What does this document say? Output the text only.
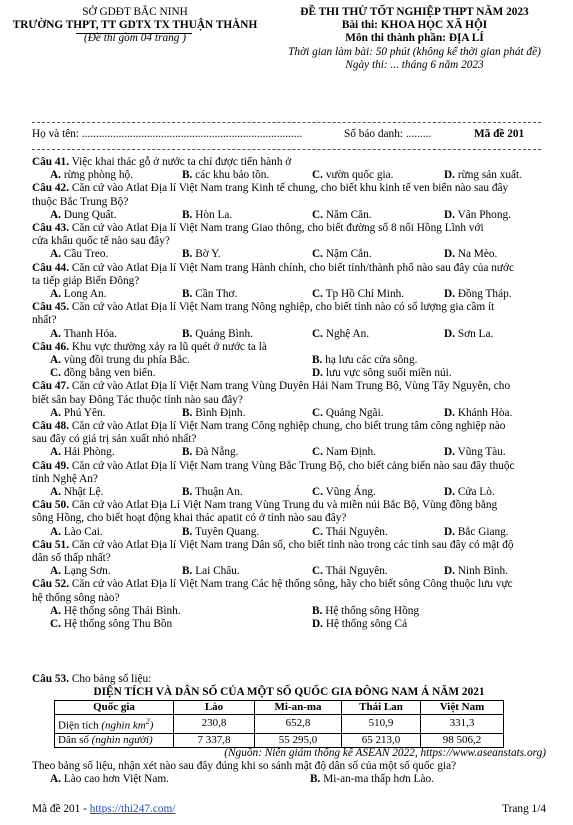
SỞ GDĐT BẮC NINH
TRƯỜNG THPT, TT GDTX TX THUẬN THÀNH
(Đề thi gồm 04 trang )
ĐỀ THI THỬ TỐT NGHIỆP THPT NĂM 2023
Bài thi: KHOA HỌC XÃ HỘI
Môn thi thành phần: ĐỊA LÍ
Thời gian làm bài: 50 phút (không kể thời gian phát đề)
Ngày thi: ... tháng 6 năm 2023
Họ và tên: ..............................................................................	Số báo danh: .........	Mã đề 201
Câu 41. Việc khai thác gỗ ở nước ta chỉ được tiến hành ở
A. rừng phòng hộ.	B. các khu bảo tồn.	C. vườn quốc gia.	D. rừng sản xuất.
Câu 42. Căn cứ vào Atlat Địa lí Việt Nam trang Kinh tế chung, cho biết khu kinh tế ven biển nào sau đây
thuộc Bắc Trung Bộ?
A. Dung Quất.	B. Hòn La.	C. Năm Căn.	D. Vân Phong.
Câu 43. Căn cứ vào Atlat Địa lí Việt Nam trang Giao thông, cho biết đường số 8 nối Hồng Lĩnh với
cửa khẩu quốc tế nào sau đây?
A. Cầu Treo.	B. Bờ Y.	C. Nậm Cắn.	D. Na Mèo.
Câu 44. Căn cứ vào Atlat Địa lí Việt Nam trang Hành chính, cho biết tỉnh/thành phố nào sau đây của nước
ta tiếp giáp Biển Đông?
A. Long An.	B. Cần Thơ.	C. Tp Hồ Chí Minh.	D. Đồng Tháp.
Câu 45. Căn cứ vào Atlat Địa lí Việt Nam trang Nông nghiệp, cho biết tỉnh nào có số lượng gia cầm ít
nhất?
A. Thanh Hóa.	B. Quảng Bình.	C. Nghệ An.	D. Sơn La.
Câu 46. Khu vực thường xảy ra lũ quét ở nước ta là
A. vùng đồi trung du phía Bắc.	B. hạ lưu các cửa sông.
C. đồng bằng ven biển.	D. lưu vực sông suối miền núi.
Câu 47. Căn cứ vào Atlat Địa lí Việt Nam trang Vùng Duyên Hải Nam Trung Bộ, Vùng Tây Nguyên, cho
biết sân bay Đông Tác thuộc tỉnh nào sau đây?
A. Phú Yên.	B. Bình Định.	C. Quảng Ngãi.	D. Khánh Hòa.
Câu 48. Căn cứ vào Atlat Địa lí Việt Nam trang Công nghiệp chung, cho biết trung tâm công nghiệp nào
sau đây có giá trị sản xuất nhỏ nhất?
A. Hải Phòng.	B. Đà Nẵng.	C. Nam Định.	D. Vũng Tàu.
Câu 49. Căn cứ vào Atlat Địa lí Việt Nam trang Vùng Bắc Trung Bộ, cho biết cảng biển nào sau đây thuộc
tỉnh Nghệ An?
A. Nhật Lệ.	B. Thuận An.	C. Vũng Áng.	D. Cửa Lò.
Câu 50. Căn cứ vào Atlat Địa Lí Việt Nam trang Vùng Trung du và miền núi Bắc Bộ, Vùng đồng bằng
sông Hồng, cho biết hoạt động khai thác apatit có ở tỉnh nào sau đây?
A. Lào Cai.	B. Tuyên Quang.	C. Thái Nguyên.	D. Bắc Giang.
Câu 51. Căn cứ vào Atlat Địa lí Việt Nam trang Dân số, cho biết tỉnh nào trong các tỉnh sau đây có mật độ
dân số thấp nhất?
A. Lạng Sơn.	B. Lai Châu.	C. Thái Nguyên.	D. Ninh Bình.
Câu 52. Căn cứ vào Atlat Địa lí Việt Nam trang Các hệ thống sông, hãy cho biết sông Công thuộc lưu vực
hệ thống sông nào?
A. Hệ thống sông Thái Bình.	B. Hệ thống sông Hồng
C. Hệ thống sông Thu Bồn	D. Hệ thống sông Cả
Câu 53. Cho bảng số liệu:
DIỆN TÍCH VÀ DÂN SỐ CỦA MỘT SỐ QUỐC GIA ĐÔNG NAM Á NĂM 2021
Quốc gia	Lào	Mi-an-ma	Thái Lan	Việt Nam
Diện tích (nghìn $km^2$)	230,8	652,8	510,9	331,3
Dân số (nghìn người)	7 337,8	55 295,0	65 213,0	98 506,2
(Nguồn: Niên giám thống kê ASEAN 2022, https://www.aseanstats.org)
Theo bảng số liệu, nhận xét nào sau đây đúng khi so sánh mật độ dân số của một số quốc gia?
A. Lào cao hơn Việt Nam.	B. Mi-an-ma thấp hơn Lào.
Mã đề 201 - https://thi247.com/	Trang 1/4
